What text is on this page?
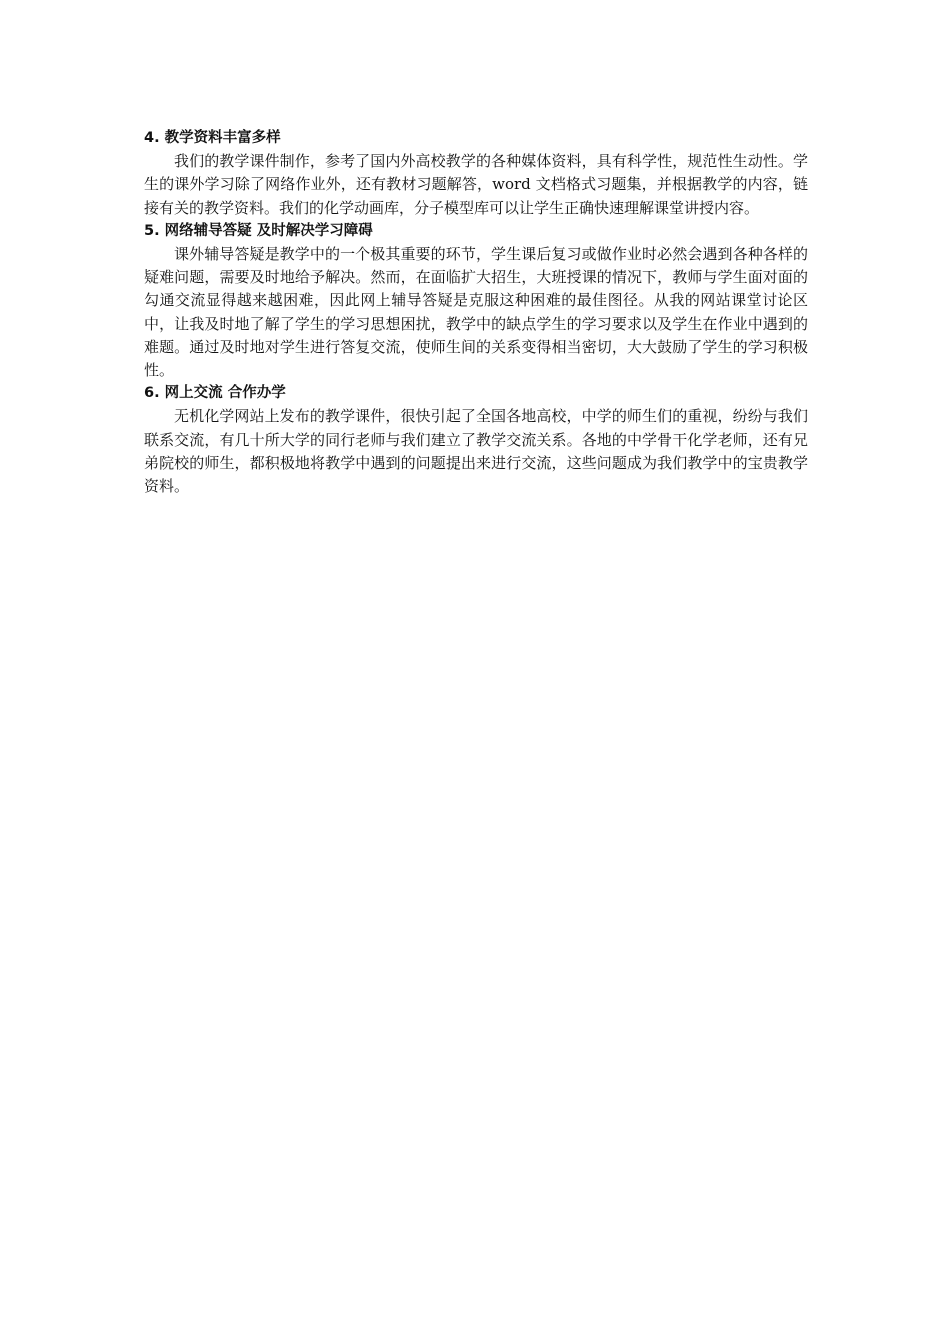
4. 教学资料丰富多样

我们的教学课件制作，参考了国内外高校教学的各种媒体资料，具有科学性，规范性生动性。学生的课外学习除了网络作业外，还有教材习题解答，word 文档格式习题集，并根据教学的内容，链接有关的教学资料。我们的化学动画库，分子模型库可以让学生正确快速理解课堂讲授内容。

5. 网络辅导答疑 及时解决学习障碍

课外辅导答疑是教学中的一个极其重要的环节，学生课后复习或做作业时必然会遇到各种各样的疑难问题，需要及时地给予解决。然而，在面临扩大招生，大班授课的情况下，教师与学生面对面的勾通交流显得越来越困难，因此网上辅导答疑是克服这种困难的最佳图径。从我的网站课堂讨论区中，让我及时地了解了学生的学习思想困扰，教学中的缺点学生的学习要求以及学生在作业中遇到的难题。通过及时地对学生进行答复交流，使师生间的关系变得相当密切，大大鼓励了学生的学习积极性。

6. 网上交流 合作办学

无机化学网站上发布的教学课件，很快引起了全国各地高校，中学的师生们的重视，纷纷与我们联系交流，有几十所大学的同行老师与我们建立了教学交流关系。各地的中学骨干化学老师，还有兄弟院校的师生，都积极地将教学中遇到的问题提出来进行交流，这些问题成为我们教学中的宝贵教学资料。
